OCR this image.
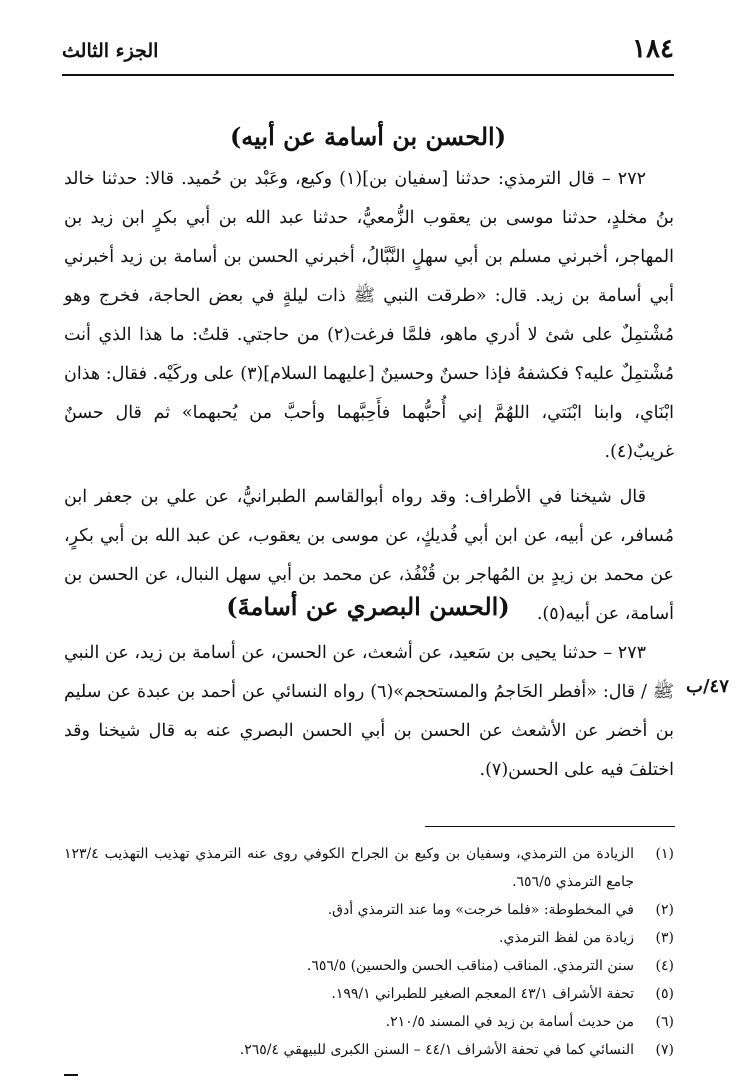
١٨٤
الجزء الثالث
(الحسن بن أسامة عن أبيه)

٢٧٢ – قال الترمذي: حدثنا [سفيان بن](١) وكيع، وعَبْد بن حُميد. قالا: حدثنا خالد بنُ مخلدٍ، حدثنا موسى بن يعقوب الزُّمعيُّ، حدثنا عبد الله بن أبي بكرٍ ابن زيد بن المهاجر، أخبرني مسلم بن أبي سهلٍ النَّبَّالُ، أخبرني الحسن بن أسامة بن زيد أخبرني أبي أسامة بن زيد. قال: «طرقت النبي ﷺ ذات ليلةٍ في بعض الحاجة، فخرج وهو مُشْتمِلٌ على شئ لا أدري ماهو، فلمَّا فرغت(٢) من حاجتي. قلتُ: ما هذا الذي أنت مُشْتمِلٌ عليه؟ فكشفهُ فإذا حسنٌ وحسينٌ [عليهما السلام](٣) على وركَيْه. فقال: هذان ابْنَاي، وابنا ابْنَتي، اللهُمَّ إني أُحبُّهما فأَحِبَّهما وأحبَّ من يُحبهما» ثم قال حسنٌ غريبٌ(٤).

قال شيخنا في الأطراف: وقد رواه أبوالقاسم الطبرانيُّ، عن علي بن جعفر ابن مُسافر، عن أبيه، عن ابن أبي فُديكٍ، عن موسى بن يعقوب، عن عبد الله بن أبي بكرٍ، عن محمد بن زيدٍ بن المُهاجر بن قُنْفُذ، عن محمد بن أبي سهل النبال، عن الحسن بن أسامة، عن أبيه(٥).

(الحسن البصري عن أسامةَ)

٢٧٣ – حدثنا يحيى بن سَعيد، عن أشعث، عن الحسن، عن أسامة بن زيد، عن النبي ﷺ / قال: «أفطر الحَاجمُ والمستحجم»(٦) رواه النسائي عن أحمد بن عبدة عن سليم بن أخضر عن الأشعث عن الحسن بن أبي الحسن البصري عنه به قال شيخنا وقد اختلفَ فيه على الحسن(٧).

٤٧/ب
(١)
الزيادة من الترمذي، وسفيان بن وكيع بن الجراح الكوفي روى عنه الترمذي تهذيب التهذيب ١٢٣/٤ جامع الترمذي ٦٥٦/٥.
(٢)
في المخطوطة: «فلما خرجت» وما عند الترمذي أدق.
(٣)
زيادة من لفظ الترمذي.
(٤)
سنن الترمذي. المناقب (مناقب الحسن والحسين) ٦٥٦/٥.
(٥)
تحفة الأشراف ٤٣/١ المعجم الصغير للطبراني ١٩٩/١.
(٦)
من حديث أسامة بن زيد في المسند ٢١٠/٥.
(٧)
النسائي كما في تحفة الأشراف ٤٤/١ – السنن الكبرى للبيهقي ٢٦٥/٤.
